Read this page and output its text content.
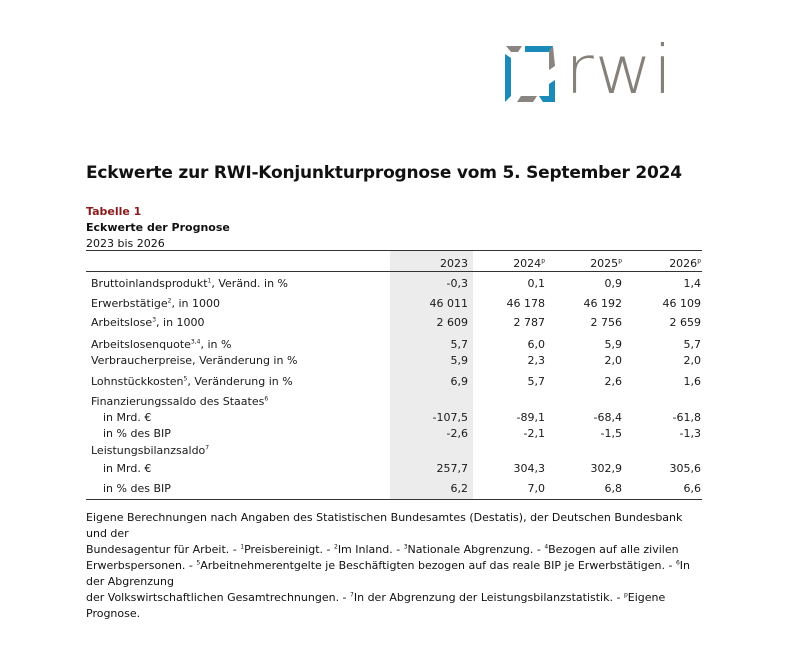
rwi
Eckwerte zur RWI-Konjunkturprognose vom 5. September 2024
Tabelle 1
Eckwerte der Prognose
2023 bis 2026
2023	2024$^p$	2025$^p$	2026$^p$
Bruttoinlandsprodukt$^1$, Veränd. in %	-0,3	0,1	0,9	1,4
Erwerbstätige$^2$, in 1000	46 011	46 178	46 192	46 109
Arbeitslose$^3$, in 1000	2 609	2 787	2 756	2 659
Arbeitslosenquote$^{3,4}$, in %	5,7	6,0	5,9	5,7
Verbraucherpreise, Veränderung in %	5,9	2,3	2,0	2,0
Lohnstückkosten$^5$, Veränderung in %	6,9	5,7	2,6	1,6
Finanzierungssaldo des Staates$^6$
in Mrd. €	-107,5	-89,1	-68,4	-61,8
in % des BIP	-2,6	-2,1	-1,5	-1,3
Leistungsbilanzsaldo$^7$
in Mrd. €	257,7	304,3	302,9	305,6
in % des BIP	6,2	7,0	6,8	6,6
Eigene Berechnungen nach Angaben des Statistischen Bundesamtes (Destatis), der Deutschen Bundesbank und der
Bundesagentur für Arbeit. - $^1$Preisbereinigt. - $^2$Im Inland. - $^3$Nationale Abgrenzung. - $^4$Bezogen auf alle zivilen
Erwerbspersonen. - $^5$Arbeitnehmerentgelte je Beschäftigten bezogen auf das reale BIP je Erwerbstätigen. - $^6$In der Abgrenzung
der Volkswirtschaftlichen Gesamtrechnungen. - $^7$In der Abgrenzung der Leistungsbilanzstatistik. - $^p$Eigene Prognose.
